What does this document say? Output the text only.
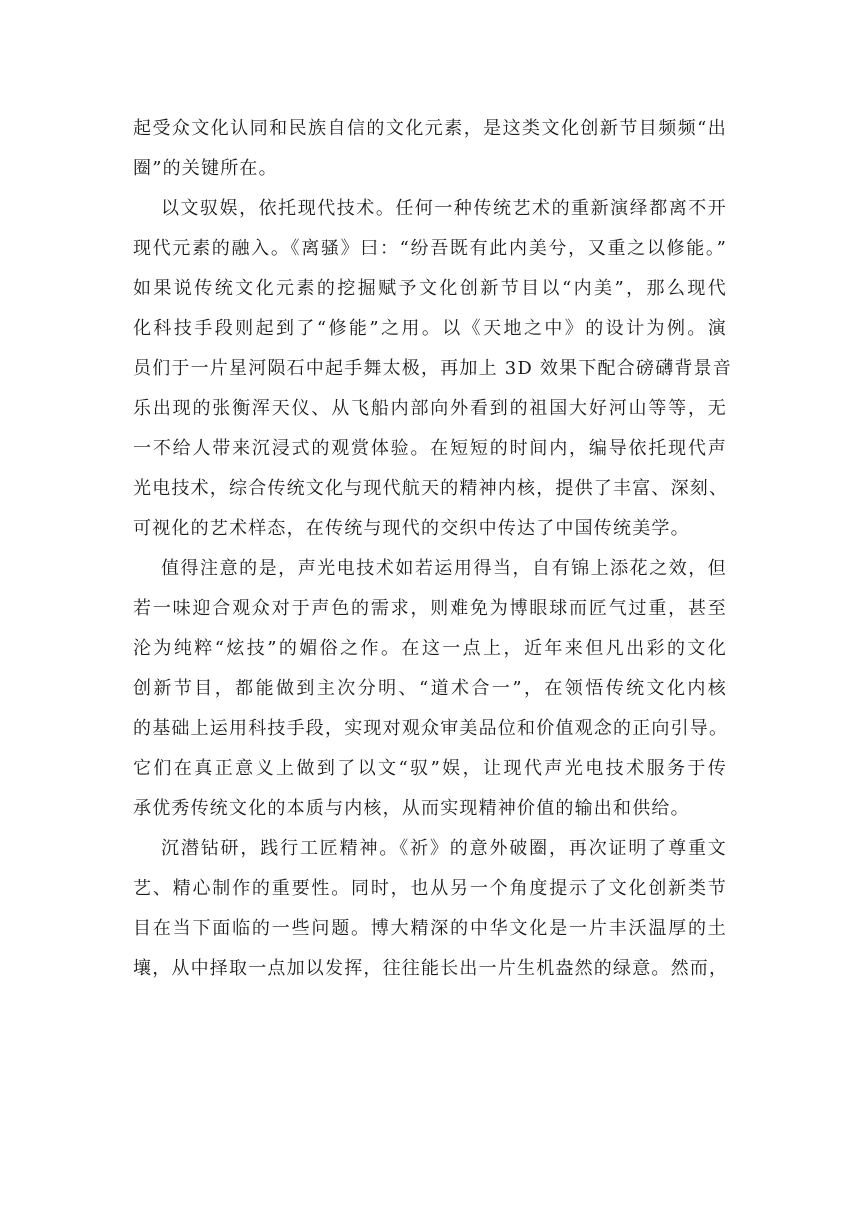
起受众文化认同和民族自信的文化元素，是这类文化创新节目频频“出
圈”的关键所在。
以文驭娱，依托现代技术。任何一种传统艺术的重新演绎都离不开
现代元素的融入。《离骚》曰：“纷吾既有此内美兮，又重之以修能。”
如果说传统文化元素的挖掘赋予文化创新节目以“内美”，那么现代
化科技手段则起到了“修能”之用。以《天地之中》的设计为例。演
员们于一片星河陨石中起手舞太极，再加上 3D 效果下配合磅礴背景音
乐出现的张衡浑天仪、从飞船内部向外看到的祖国大好河山等等，无
一不给人带来沉浸式的观赏体验。在短短的时间内，编导依托现代声
光电技术，综合传统文化与现代航天的精神内核，提供了丰富、深刻、
可视化的艺术样态，在传统与现代的交织中传达了中国传统美学。
值得注意的是，声光电技术如若运用得当，自有锦上添花之效，但
若一味迎合观众对于声色的需求，则难免为博眼球而匠气过重，甚至
沦为纯粹“炫技”的媚俗之作。在这一点上，近年来但凡出彩的文化
创新节目，都能做到主次分明、“道术合一”，在领悟传统文化内核
的基础上运用科技手段，实现对观众审美品位和价值观念的正向引导。
它们在真正意义上做到了以文“驭”娱，让现代声光电技术服务于传
承优秀传统文化的本质与内核，从而实现精神价值的输出和供给。
沉潜钻研，践行工匠精神。《祈》的意外破圈，再次证明了尊重文
艺、精心制作的重要性。同时，也从另一个角度提示了文化创新类节
目在当下面临的一些问题。博大精深的中华文化是一片丰沃温厚的土
壤，从中择取一点加以发挥，往往能长出一片生机盎然的绿意。然而，
